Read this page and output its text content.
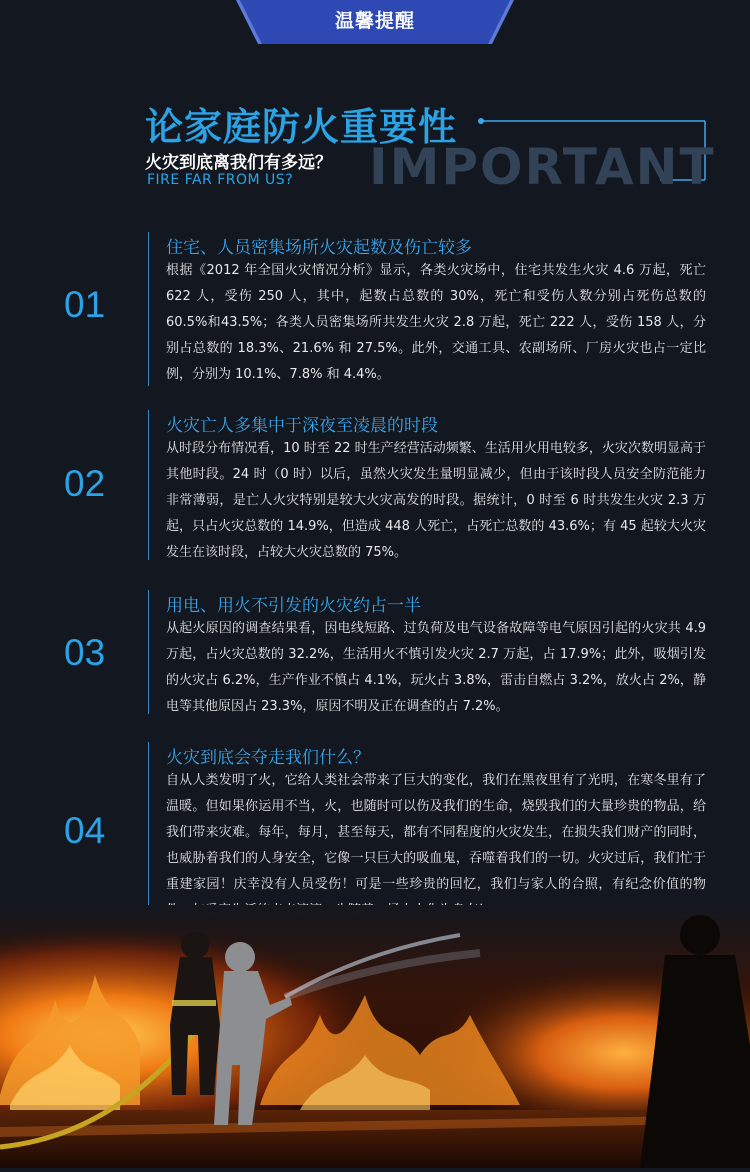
温馨提醒
论家庭防火重要性
IMPORTANT
火灾到底离我们有多远？
FIRE FAR FROM US?
01
住宅、人员密集场所火灾起数及伤亡较多
根据《2012 年全国火灾情况分析》显示，各类火灾场中，住宅共发生火灾 4.6 万起，死亡 622 人，受伤 250 人，其中，起数占总数的 30%，死亡和受伤人数分别占死伤总数的 60.5%和43.5%；各类人员密集场所共发生火灾 2.8 万起，死亡 222 人，受伤 158 人，分别占总数的 18.3%、21.6% 和 27.5%。此外，交通工具、农副场所、厂房火灾也占一定比例，分别为 10.1%、7.8% 和 4.4%。
02
火灾亡人多集中于深夜至凌晨的时段
从时段分布情况看，10 时至 22 时生产经营活动频繁、生活用火用电较多，火灾次数明显高于其他时段。24 时（0 时）以后，虽然火灾发生量明显减少，但由于该时段人员安全防范能力非常薄弱，是亡人火灾特别是较大火灾高发的时段。据统计，0 时至 6 时共发生火灾 2.3 万起，只占火灾总数的 14.9%，但造成 448 人死亡，占死亡总数的 43.6%；有 45 起较大火灾发生在该时段，占较大火灾总数的 75%。
03
用电、用火不引发的火灾约占一半
从起火原因的调查结果看，因电线短路、过负荷及电气设备故障等电气原因引起的火灾共 4.9 万起，占火灾总数的 32.2%，生活用火不慎引发火灾 2.7 万起，占 17.9%；此外，吸烟引发的火灾占 6.2%，生产作业不慎占 4.1%，玩火占 3.8%，雷击自燃占 3.2%，放火占 2%，静电等其他原因占 23.3%，原因不明及正在调查的占 7.2%。
04
火灾到底会夺走我们什么？
自从人类发明了火，它给人类社会带来了巨大的变化，我们在黑夜里有了光明，在寒冬里有了温暖。但如果你运用不当，火，也随时可以伤及我们的生命，烧毁我们的大量珍贵的物品，给我们带来灾难。每年，每月，甚至每天，都有不同程度的火灾发生，在损失我们财产的同时，也威胁着我们的人身安全，它像一只巨大的吸血鬼，吞噬着我们的一切。火灾过后，我们忙于重建家园！庆幸没有人员受伤！可是一些珍贵的回忆，我们与家人的合照，有纪念价值的物
